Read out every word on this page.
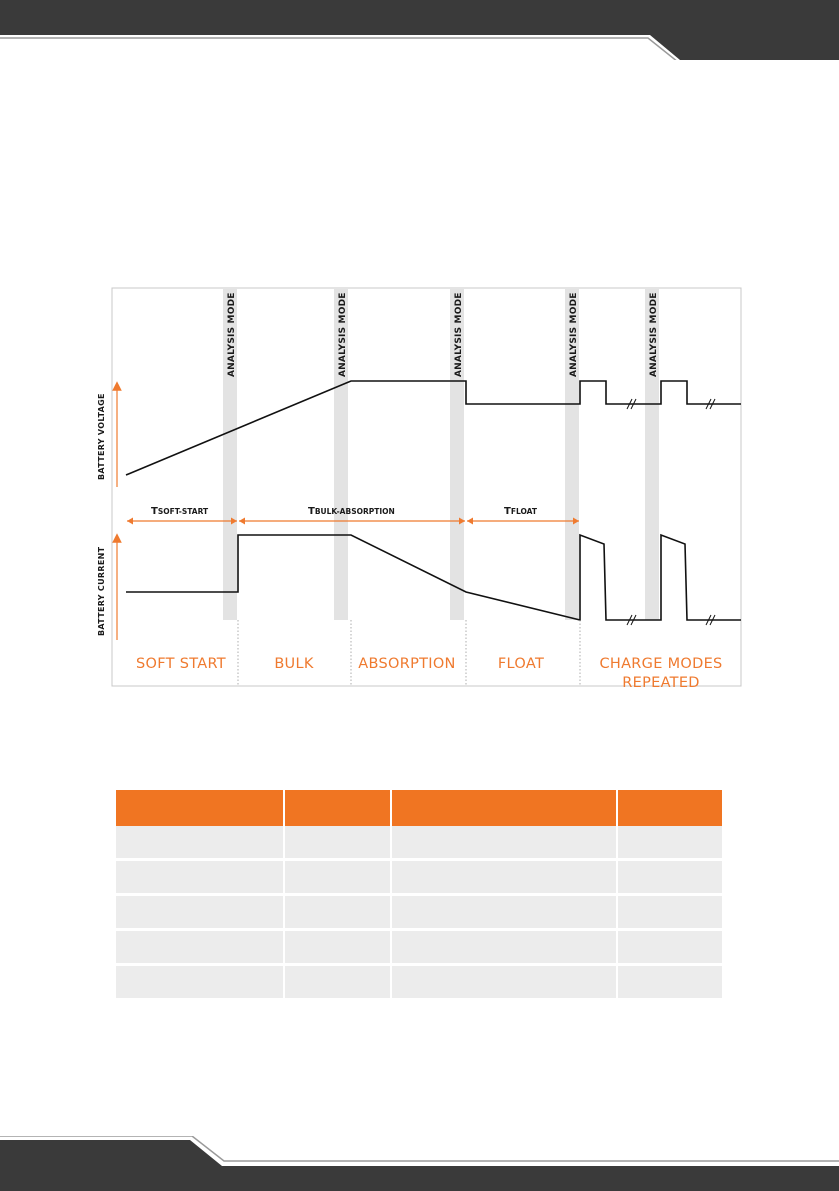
ANALYSIS MODE	ANALYSIS MODE	ANALYSIS MODE	ANALYSIS MODE	ANALYSIS MODE
BATTERY VOLTAGE
BATTERY CURRENT
TSOFT-START	TBULK-ABSORPTION	TFLOAT
SOFT START	BULK	ABSORPTION	FLOAT	CHARGE MODES
REPEATED
